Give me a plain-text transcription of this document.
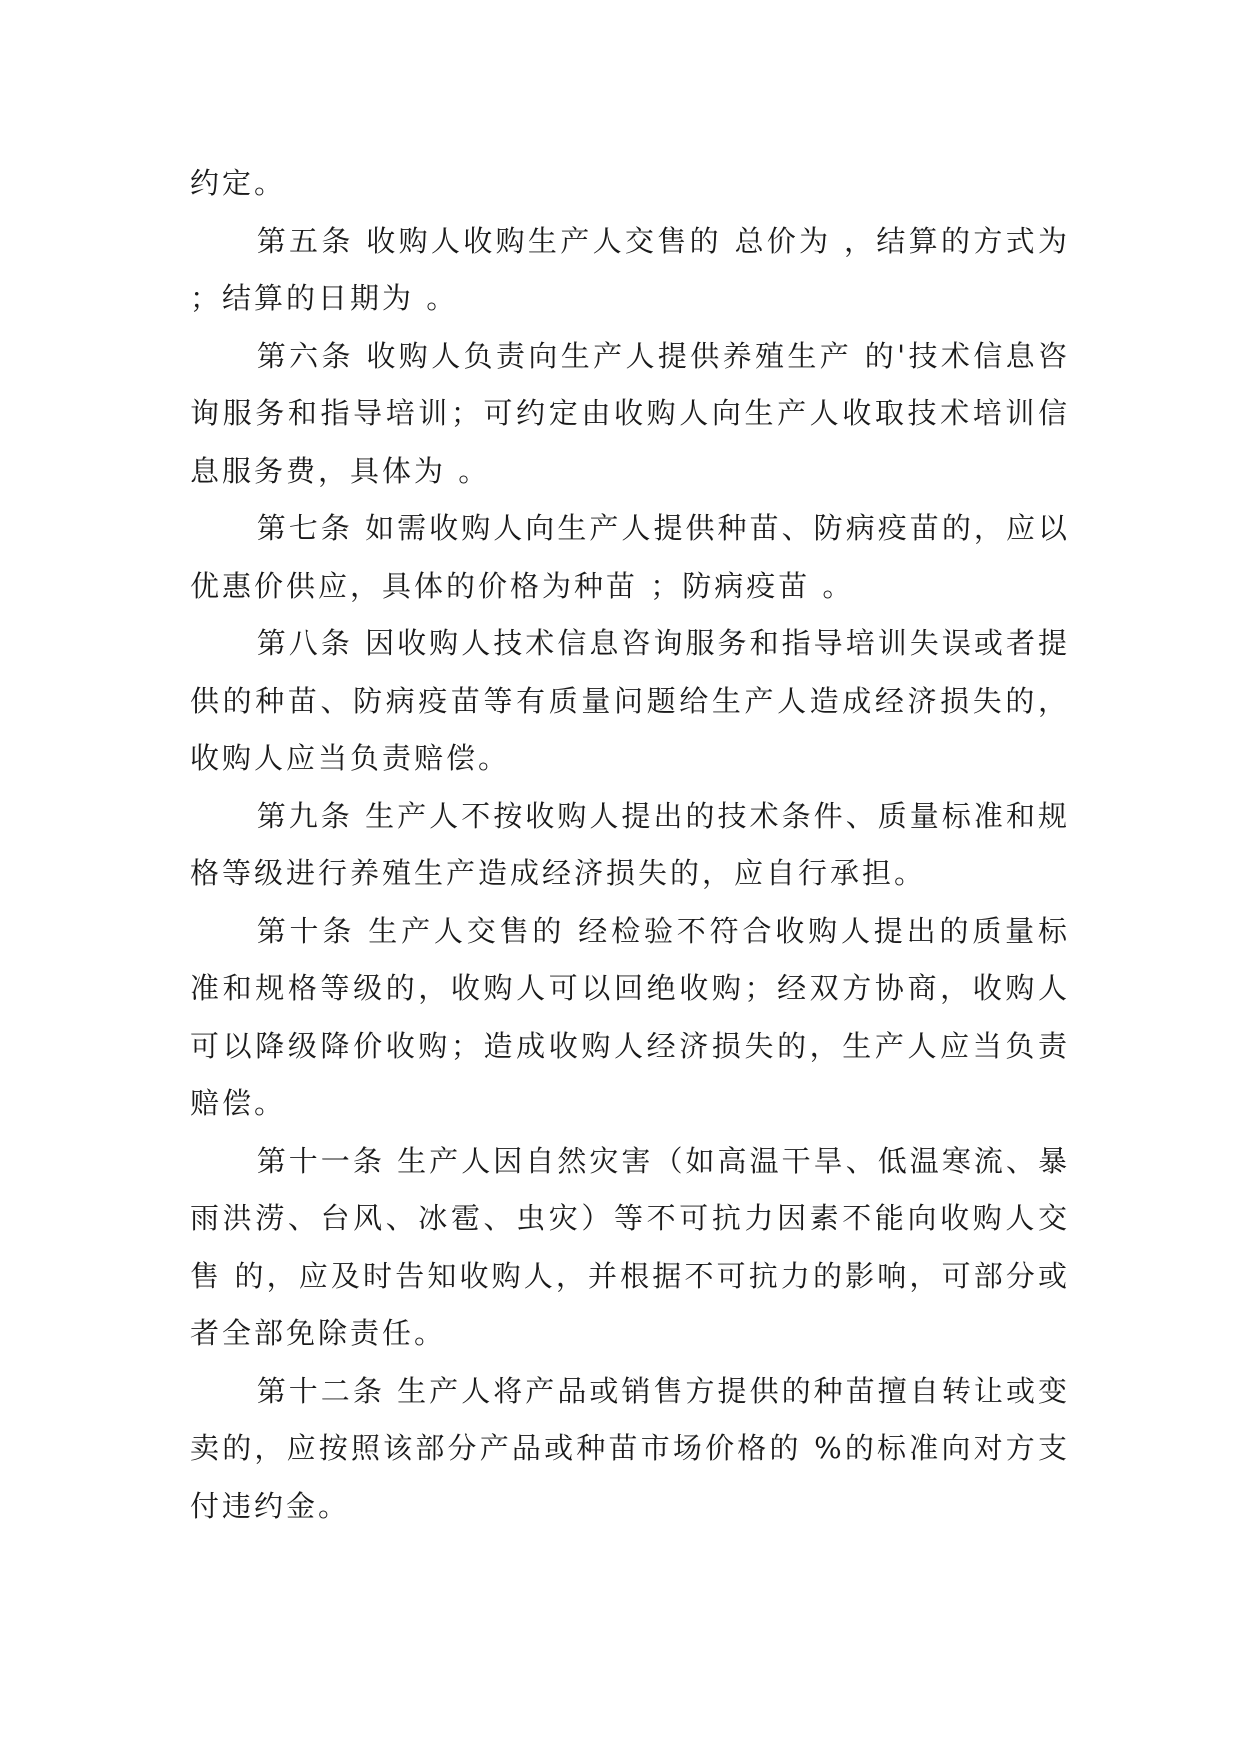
约定。

第五条 收购人收购生产人交售的 总价为 ，结算的方式为 ；结算的日期为 。

第六条 收购人负责向生产人提供养殖生产 的'技术信息咨询服务和指导培训；可约定由收购人向生产人收取技术培训信息服务费，具体为 。

第七条 如需收购人向生产人提供种苗、防病疫苗的，应以优惠价供应，具体的价格为种苗 ；防病疫苗 。

第八条 因收购人技术信息咨询服务和指导培训失误或者提供的种苗、防病疫苗等有质量问题给生产人造成经济损失的，收购人应当负责赔偿。

第九条 生产人不按收购人提出的技术条件、质量标准和规格等级进行养殖生产造成经济损失的，应自行承担。

第十条 生产人交售的 经检验不符合收购人提出的质量标准和规格等级的，收购人可以回绝收购；经双方协商，收购人可以降级降价收购；造成收购人经济损失的，生产人应当负责赔偿。

第十一条 生产人因自然灾害（如高温干旱、低温寒流、暴雨洪涝、台风、冰雹、虫灾）等不可抗力因素不能向收购人交售 的，应及时告知收购人，并根据不可抗力的影响，可部分或者全部免除责任。

第十二条 生产人将产品或销售方提供的种苗擅自转让或变卖的，应按照该部分产品或种苗市场价格的 %的标准向对方支付违约金。
